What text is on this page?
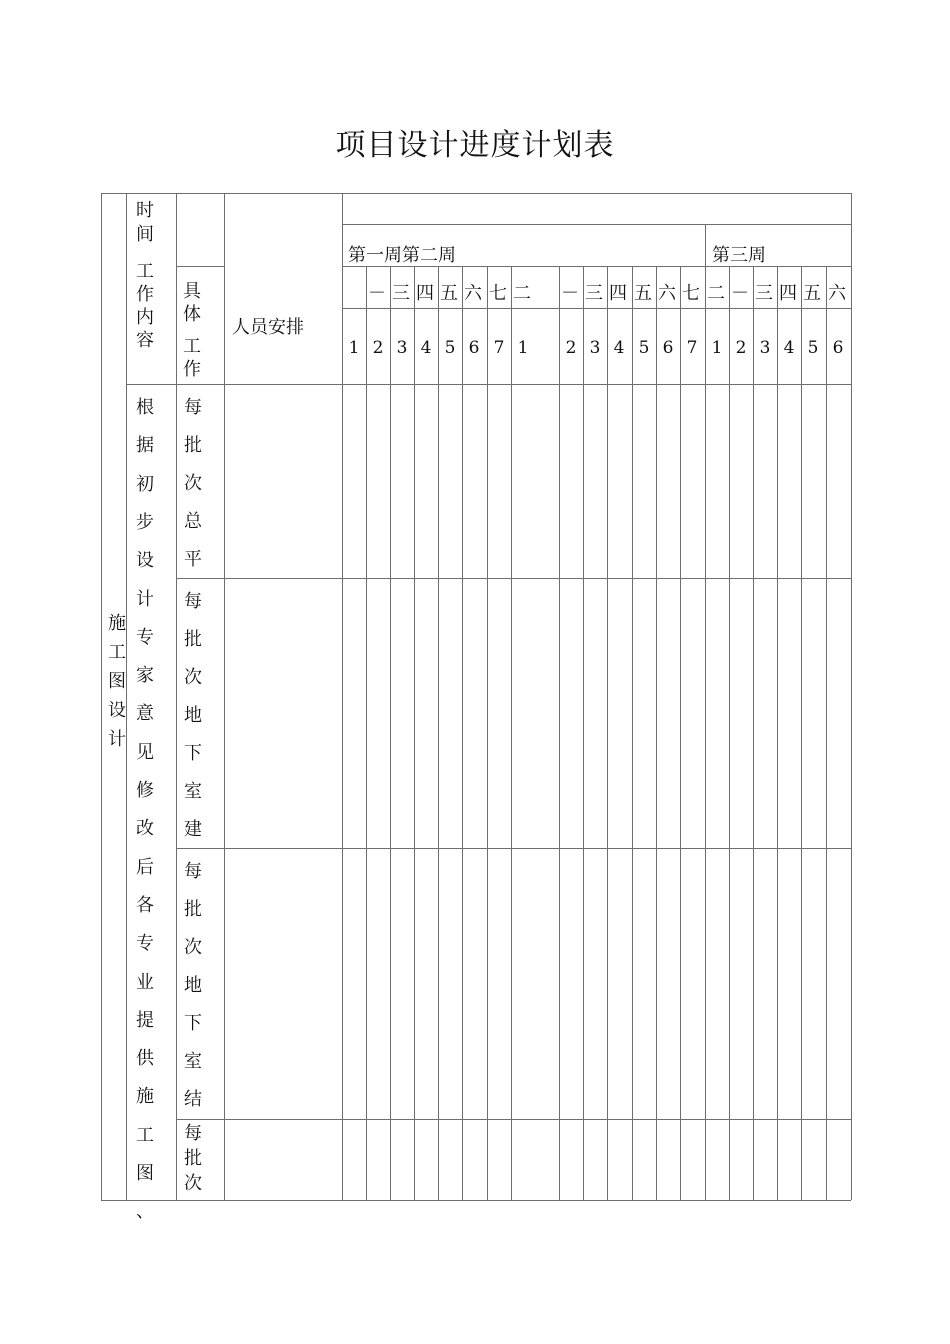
项目设计进度计划表
时
间
工
作
内
容
具
体
工
作
人员安排
第一周第二周	第三周
－ 三 四 五 六 七 二 － 三 四 五 六 七 二 － 三 四 五 六
1 2 3 4 5 6 7 1	2 3 4 5 6 7 1 2 3 4 5 6
施
工
图
设
计
根
据
初
步
设
计
专
家
意
见
修
改
后
各
专
业
提
供
施
工
图
、
每
批
次
总
平
每
批
次
地
下
室
建
每
批
次
地
下
室
结
每
批
次
